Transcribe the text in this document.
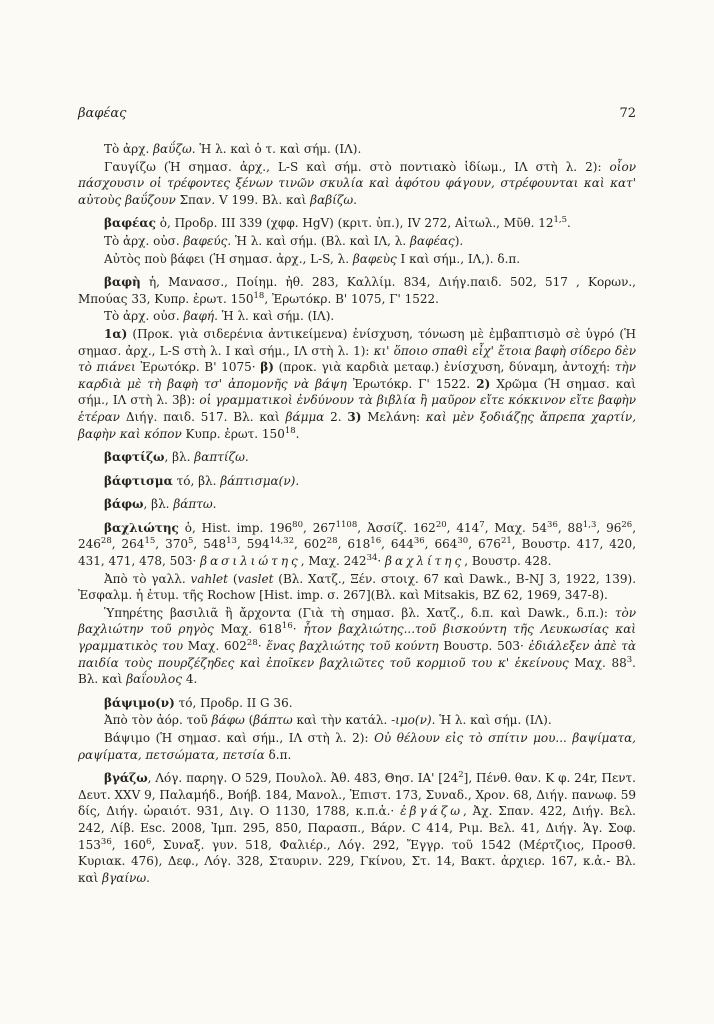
βαφέας	72

Τὸ ἀρχ. βαΰζω. Ἡ λ. καὶ ὁ τ. καὶ σήμ. (ΙΛ).

Γαυγίζω (Ἡ σημασ. ἀρχ., L-S καὶ σήμ. στὸ ποντιακὸ ἰδίωμ., ΙΛ στὴ λ. 2): οἷον πάσχουσιν οἱ τρέφοντες ξένων τινῶν σκυλία καὶ ἀφότου φάγουν, στρέφουνται καὶ κατ' αὐτοὺς βαΰζουν Σπαν. V 199. Βλ. καὶ βαβίζω.

βαφέας ὁ, Προδρ. III 339 (χφφ. HgV) (κριτ. ὑπ.), IV 272, Αἰτωλ., Μῦθ. 12$^{1,5}$.

Τὸ ἀρχ. οὐσ. βαφεύς. Ἡ λ. καὶ σήμ. (Βλ. καὶ ΙΛ, λ. βαφέας).

Αὐτὸς ποὺ βάφει (Ἡ σημασ. ἀρχ., L-S, λ. βαφεὺς I καὶ σήμ., ΙΛ,). δ.π.

βαφὴ ἡ, Μανασσ., Ποίημ. ἠθ. 283, Καλλίμ. 834, Διήγ.παιδ. 502, 517 , Κορων., Μπούας 33, Κυπρ. ἐρωτ. $150^{18}$, Ἐρωτόκρ. Β' 1075, Γ' 1522.

Τὸ ἀρχ. οὐσ. βαφή. Ἡ λ. καὶ σήμ. (ΙΛ).

1α) (Προκ. γιὰ σιδερένια ἀντικείμενα) ἐνίσχυση, τόνωση μὲ ἐμβαπτισμὸ σὲ ὑγρό (Ἡ σημασ. ἀρχ., L-S στὴ λ. I καὶ σήμ., ΙΛ στὴ λ. 1): κι' ὅποιο σπαθὶ εἶχ' ἔτοια βαφὴ σίδερο δὲν τὸ πιάνει Ἐρωτόκρ. Β' 1075· β) (προκ. γιὰ καρδιὰ μεταφ.) ἐνίσχυση, δύναμη, ἀντοχή: τὴν καρδιὰ μὲ τὴ βαφὴ τσ' ἀπομονῆς νὰ βάψη Ἐρωτόκρ. Γ' 1522. 2) Χρῶμα (Ἡ σημασ. καὶ σήμ., ΙΛ στὴ λ. 3β): οἱ γραμματικοὶ ἐνδύνουν τὰ βιβλία ἢ μαῦρον εἴτε κόκκινον εἴτε βαφὴν ἑτέραν Διήγ. παιδ. 517. Βλ. καὶ βάμμα 2. 3) Μελάνη: καὶ μὲν ξοδιάζῃς ἄπρεπα χαρτίν, βαφὴν καὶ κόπον Κυπρ. ἐρωτ. $150^{18}$.

βαφτίζω, βλ. βαπτίζω.

βάφτισμα τό, βλ. βάπτισμα(ν).

βάφω, βλ. βάπτω.

βαχλιώτης ὁ, Hist. imp. $196^{80}$, $267^{1108}$, Ἀσσίζ. $162^{20}$, $414^7$, Μαχ. $54^{36}$, 88$^{1,3}$, $96^{26}$, $246^{28}$, $264^{15}$, $370^5$, $548^{13}$, 594$^{14,32}$, $602^{28}$, $618^{16}$, $644^{36}$, $664^{30}$, $676^{21}$, Βουστρ. 417, 420, 431, 471, 478, 503· βασιλιώτης, Μαχ. $242^{34}\cdot \beta\alpha\chi\lambda ί\tau\eta\varsigma$, Βουστρ. 428.

Ἀπὸ τὸ γαλλ. vahlet (vaslet (Βλ. Χατζ., Ξέν. στοιχ. 67 καὶ Dawk., B-NJ 3, 1922, 139). Ἐσφαλμ. ἡ ἐτυμ. τῆς Rochow [Hist. imp. σ. 267](Βλ. καὶ Mitsakis, BZ 62, 1969, 347-8).

Ὑπηρέτης βασιλιᾶ ἢ ἄρχοντα (Γιὰ τὴ σημασ. βλ. Χατζ., δ.π. καὶ Dawk., δ.π.): τὸν βαχλιώτην τοῦ ρηγὸς Μαχ. $618^{16}\cdot$ ἦτον βαχλιώτης...τοῦ βισκούντη τῆς Λευκωσίας καὶ γραμματικὸς του Μαχ. $602^{28}\cdot$ ἕνας βαχλιώτης τοῦ κούντη Βουστρ. 503· ἐδιάλεξεν ἀπὲ τὰ παιδία τοὺς πουρζέζηδες καὶ ἐποῖκεν βαχλιῶτες τοῦ κορμιοῦ του κ' ἐκείνους Μαχ. $88^3$. Βλ. καὶ βαΐουλος 4.

βάψιμο(ν) τό, Προδρ. II G 36.

Ἀπὸ τὸν ἀόρ. τοῦ βάφω (βάπτω καὶ τὴν κατάλ. -ιμο(ν). Ἡ λ. καὶ σήμ. (ΙΛ).

Βάψιμο (Ἡ σημασ. καὶ σήμ., ΙΛ στὴ λ. 2): Οὐ θέλουν εἰς τὸ σπίτιν μου... βαψίματα, ραψίματα, πετσώματα, πετσία δ.π.

βγάζω, Λόγ. παρηγ. Ο 529, Πουλολ. Ἀθ. 483, Θησ. ΙΑ' $[24^2]$, Πένθ. θαν. Κ φ. 24r, Πεντ. Δευτ. XXV 9, Παλαμήδ., Βοήβ. 184, Μανολ., Ἐπιστ. 173, Συναδ., Χρον. 68, Διήγ. πανωφ. 59 δίς, Διήγ. ὡραιότ. 931, Διγ. Ο 1130, 1788, κ.π.ἀ.· ἐβγάζω, Ἀχ. Σπαν. 422, Διήγ. Βελ. 242, Λίβ. Esc. 2008, Ἰμπ. 295, 850, Παρασπ., Βάρν. C 414, Ριμ. Βελ. 41, Διήγ. Ἁγ. Σοφ. $153^{36}$, $160^6$, Συναξ. γυν. 518, Φαλιέρ., Λόγ. 292, Ἔγγρ. τοῦ 1542 (Μέρτζιος, Προσθ. Κυριακ. 476), Δεφ., Λόγ. 328, Σταυριν. 229, Γκίνου, Στ. 14, Βακτ. ἀρχιερ. 167, κ.ἀ.- Βλ. καὶ βγαίνω.
